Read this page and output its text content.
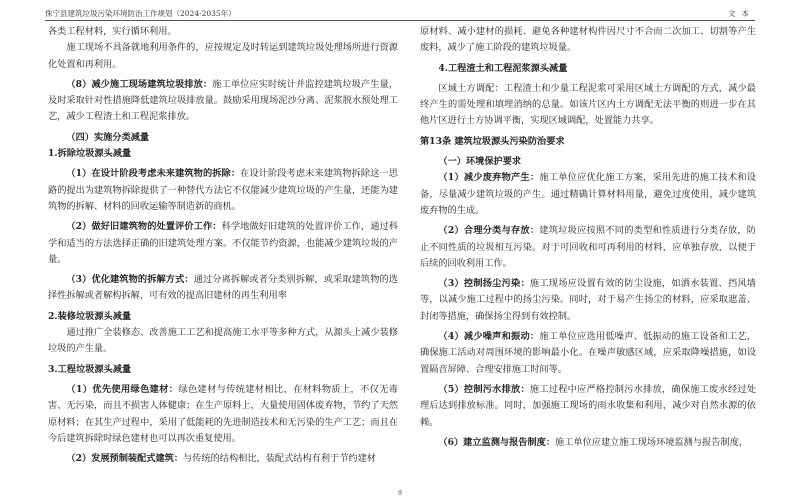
侏宁县建筑垃圾污染环境防治工作规划（2024-2035年）	文本

各类工程材料，实行循环利用。

施工现场不具备就地利用条件的，应按规定及时转运到建筑垃圾处理场所进行资源化处置和再利用。

（8）减少施工现场建筑垃圾排放：施工单位应实时统计并监控建筑垃圾产生量，及时采取针对性措施降低建筑垃圾排放量。鼓励采用现场泥沙分离、泥浆脱水预处理工艺，减少工程渣土和工程泥浆排放。

（四）实施分类减量

1.拆除垃圾源头减量

（1）在设计阶段考虑未来建筑物的拆除：在设计阶段考虑未来建筑物拆除这一思路的提出为建筑物拆除提供了一种替代方法它不仅能减少建筑垃圾的产生量，还能为建筑物的拆解、材料的回收运输等制造新的商机。

（2）做好旧建筑物的处置评价工作：科学地做好旧建筑的处置评价工作，通过科学和适当的方法选择正确的旧建筑处理方案。不仅能节约资源，也能减少建筑垃圾的产量。

（3）优化建筑物的拆解方式：通过分离拆解或者分类别拆解，或采取建筑物的选择性拆解或者解构拆解，可有效的提高旧建材的再生利用率

2.装修垃圾源头减量

通过推广全装修态、改善施工工艺和提高施工水平等多种方式，从源头上减少装修垃圾的产生量。

3.工程垃圾源头减量

（1）优先使用绿色建材：绿色建材与传统建材相比，在材料物质上，不仅无毒害、无污染，而且不损害人体健康；在生产原料上，大量使用固体废弃物，节约了天然原材料；在其生产过程中，采用了低能耗的先进制造技术和无污染的生产工艺；而且在今后建筑拆除时绿色建材也可以再次重复使用。

（2）发展预制装配式建筑：与传统的结构相比，装配式结构有利于节约建材

原材料、减小建材的损耗、避免各种建材构件因尺寸不合而二次加工、切割等产生废料，减少了施工阶段的建筑垃圾量。

4.工程渣土和工程泥浆源头减量

区域土方调配：工程渣土和少量工程泥浆可采用区域土方调配的方式，减少最终产生的需处理和填埋消纳的总量。如该片区内土方调配无法平衡的则进一步在其他片区进行土方协调平衡，实现区域调配，处置能力共享。

第13条 建筑垃圾源头污染防治要求

（一）环境保护要求

（1）减少废弃物产生：施工单位应优化施工方案，采用先进的施工技术和设备，尽量减少建筑垃圾的产生。通过精确计算材料用量，避免过度使用，减少建筑废弃物的生成。

（2）合理分类与存放：建筑垃圾应按照不同的类型和性质进行分类存放，防止不同性质的垃圾相互污染。对于可回收和可再利用的材料，应单独存放，以便于后续的回收利用工作。

（3）控制扬尘污染：施工现场应设置有效的防尘设施，如洒水装置、挡风墙等，以减少施工过程中的扬尘污染。同时，对于易产生扬尘的材料，应采取遮盖、封闭等措施，确保扬尘得到有效控制。

（4）减少噪声和振动：施工单位应选用低噪声、低振动的施工设备和工艺，确保施工活动对周围环境的影响最小化。在噪声敏感区域，应采取降噪措施，如设置隔音屏障、合理安排施工时间等。

（5）控制污水排放：施工过程中应严格控制污水排放，确保施工废水经过处理后达到排放标准。同时，加强施工现场的雨水收集和利用，减少对自然水源的依赖。

（6）建立监测与报告制度：施工单位应建立施工现场环境监测与报告制度，

9
